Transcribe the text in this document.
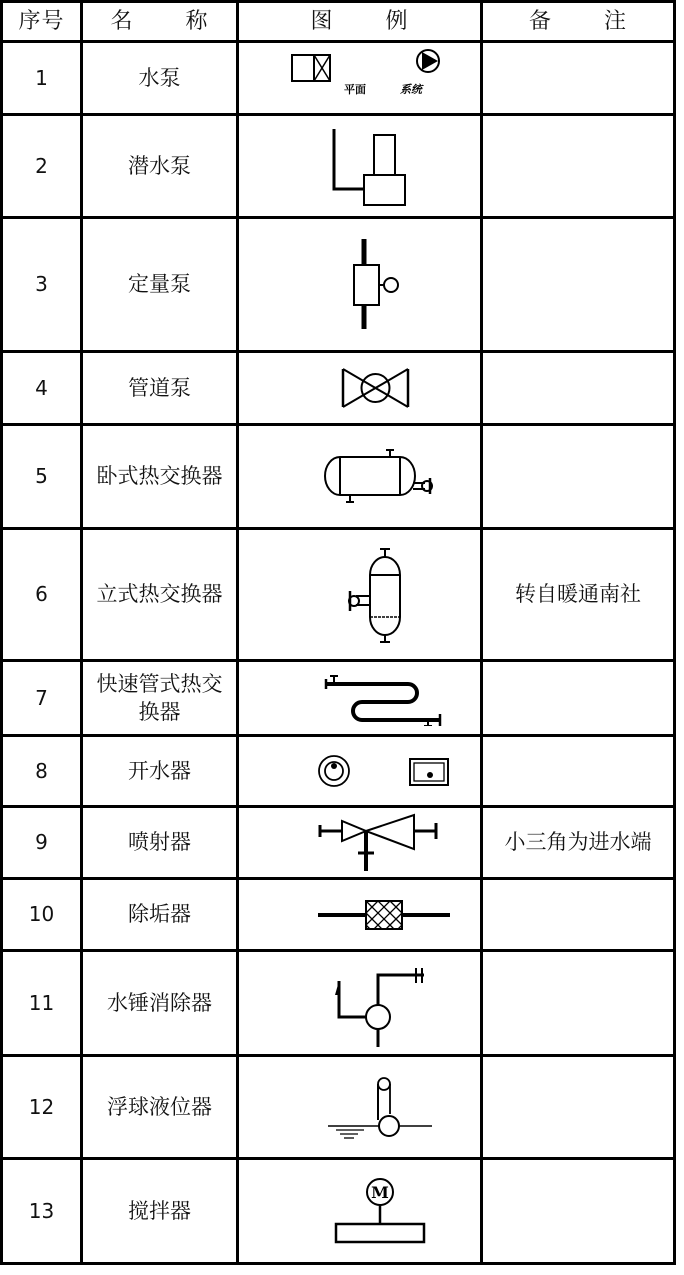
序号	名 称	图 例	备 注
1	水泵	平面 系统	

2	潜水泵	

3	定量泵	

4	管道泵	

5	卧式热交换器	

6	立式热交换器		转自暖通南社
7	快速管式热交换器	

8	开水器	

9	喷射器		小三角为进水端
10	除垢器	

11	水锤消除器	

12	浮球液位器	

13	搅拌器	M	
